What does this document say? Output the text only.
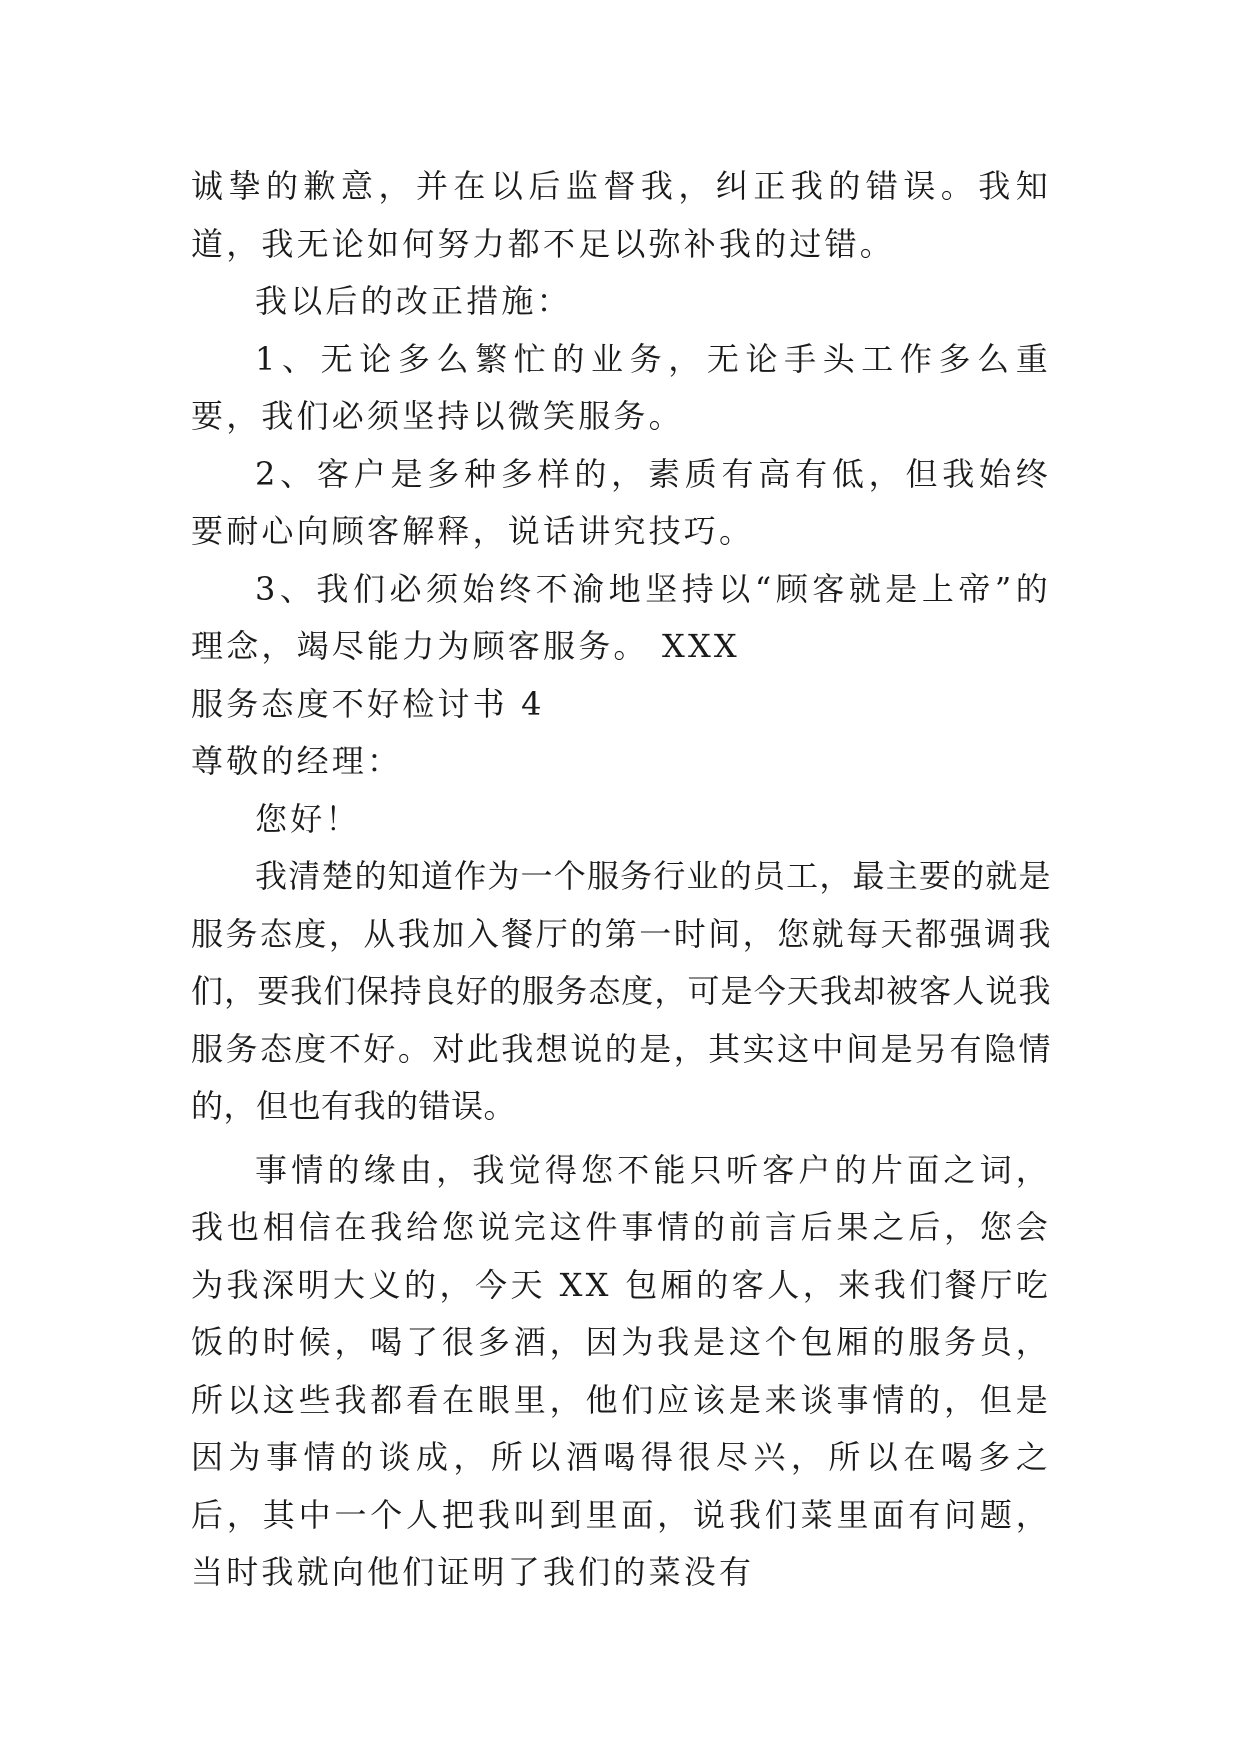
诚挚的歉意，并在以后监督我，纠正我的错误。我知道，我无论如何努力都不足以弥补我的过错。

我以后的改正措施：

1、无论多么繁忙的业务，无论手头工作多么重要，我们必须坚持以微笑服务。

2、客户是多种多样的，素质有高有低，但我始终要耐心向顾客解释，说话讲究技巧。

3、我们必须始终不渝地坚持以“顾客就是上帝”的理念，竭尽能力为顾客服务。 XXX

服务态度不好检讨书 4

尊敬的经理：

您好！

我清楚的知道作为一个服务行业的员工，最主要的就是服务态度，从我加入餐厅的第一时间，您就每天都强调我们，要我们保持良好的服务态度，可是今天我却被客人说我服务态度不好。对此我想说的是，其实这中间是另有隐情的，但也有我的错误。

事情的缘由，我觉得您不能只听客户的片面之词，我也相信在我给您说完这件事情的前言后果之后，您会为我深明大义的，今天 XX 包厢的客人，来我们餐厅吃饭的时候，喝了很多酒，因为我是这个包厢的服务员，所以这些我都看在眼里，他们应该是来谈事情的，但是因为事情的谈成，所以酒喝得很尽兴，所以在喝多之后，其中一个人把我叫到里面，说我们菜里面有问题，当时我就向他们证明了我们的菜没有
